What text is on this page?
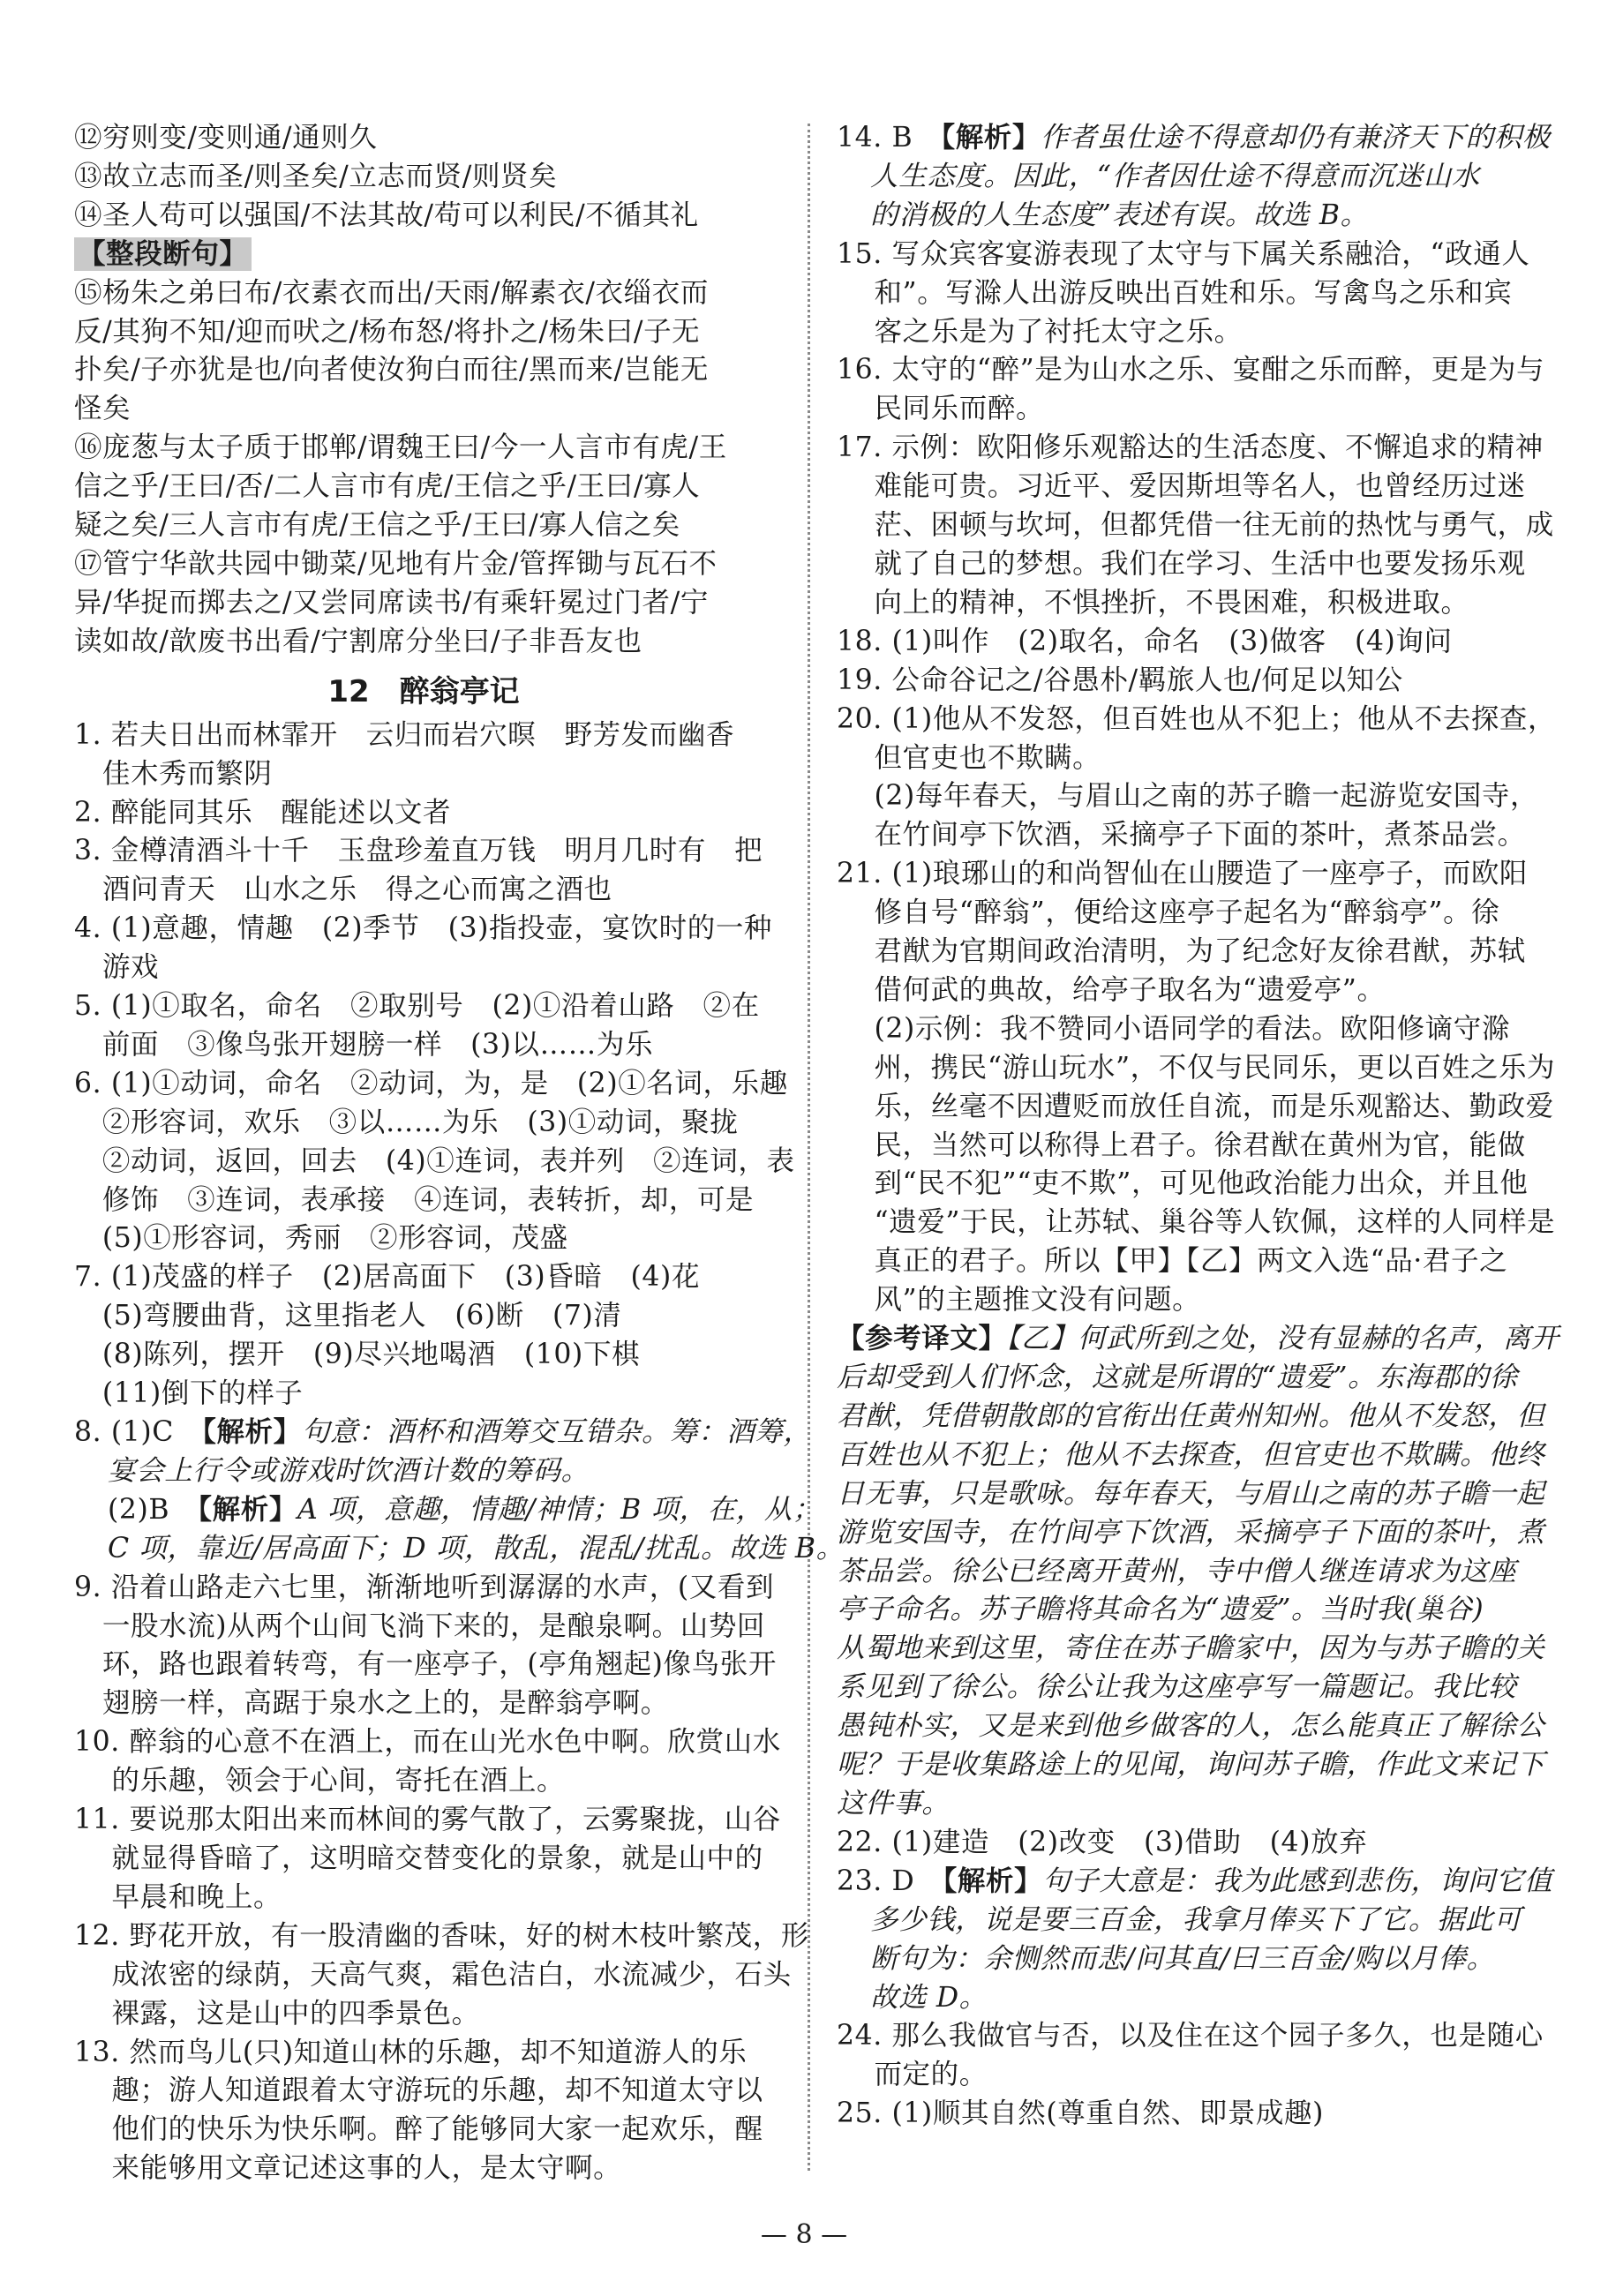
⑫穷则变/变则通/通则久
⑬故立志而圣/则圣矣/立志而贤/则贤矣
⑭圣人苟可以强国/不法其故/苟可以利民/不循其礼
【整段断句】
⑮杨朱之弟曰布/衣素衣而出/天雨/解素衣/衣缁衣而
反/其狗不知/迎而吠之/杨布怒/将扑之/杨朱曰/子无
扑矣/子亦犹是也/向者使汝狗白而往/黑而来/岂能无
怪矣
⑯庞葱与太子质于邯郸/谓魏王曰/今一人言市有虎/王
信之乎/王曰/否/二人言市有虎/王信之乎/王曰/寡人
疑之矣/三人言市有虎/王信之乎/王曰/寡人信之矣
⑰管宁华歆共园中锄菜/见地有片金/管挥锄与瓦石不
异/华捉而掷去之/又尝同席读书/有乘轩冕过门者/宁
读如故/歆废书出看/宁割席分坐曰/子非吾友也
12　醉翁亭记
1. 若夫日出而林霏开　云归而岩穴暝　野芳发而幽香
佳木秀而繁阴
2. 醉能同其乐　醒能述以文者
3. 金樽清酒斗十千　玉盘珍羞直万钱　明月几时有　把
酒问青天　山水之乐　得之心而寓之酒也
4. (1)意趣，情趣　(2)季节　(3)指投壶，宴饮时的一种
游戏
5. (1)①取名，命名　②取别号　(2)①沿着山路　②在
前面　③像鸟张开翅膀一样　(3)以……为乐
6. (1)①动词，命名　②动词，为，是　(2)①名词，乐趣
②形容词，欢乐　③以……为乐　(3)①动词，聚拢
②动词，返回，回去　(4)①连词，表并列　②连词，表
修饰　③连词，表承接　④连词，表转折，却，可是
(5)①形容词，秀丽　②形容词，茂盛
7. (1)茂盛的样子　(2)居高面下　(3)昏暗　(4)花
(5)弯腰曲背，这里指老人　(6)断　(7)清
(8)陈列，摆开　(9)尽兴地喝酒　(10)下棋
(11)倒下的样子
8. (1)C　【解析】句意：酒杯和酒筹交互错杂。筹：酒筹，
宴会上行令或游戏时饮酒计数的筹码。
(2)B　【解析】A 项，意趣，情趣/神情；B 项，在，从；
C 项，靠近/居高面下；D 项，散乱，混乱/扰乱。故选 B。
9. 沿着山路走六七里，渐渐地听到潺潺的水声，(又看到
一股水流)从两个山间飞淌下来的，是酿泉啊。山势回
环，路也跟着转弯，有一座亭子，(亭角翘起)像鸟张开
翅膀一样，高踞于泉水之上的，是醉翁亭啊。
10. 醉翁的心意不在酒上，而在山光水色中啊。欣赏山水
的乐趣，领会于心间，寄托在酒上。
11. 要说那太阳出来而林间的雾气散了，云雾聚拢，山谷
就显得昏暗了，这明暗交替变化的景象，就是山中的
早晨和晚上。
12. 野花开放，有一股清幽的香味，好的树木枝叶繁茂，形
成浓密的绿荫，天高气爽，霜色洁白，水流减少，石头
裸露，这是山中的四季景色。
13. 然而鸟儿(只)知道山林的乐趣，却不知道游人的乐
趣；游人知道跟着太守游玩的乐趣，却不知道太守以
他们的快乐为快乐啊。醉了能够同大家一起欢乐，醒
来能够用文章记述这事的人，是太守啊。
14. B　【解析】作者虽仕途不得意却仍有兼济天下的积极
人生态度。因此，“作者因仕途不得意而沉迷山水
的消极的人生态度”表述有误。故选 B。
15. 写众宾客宴游表现了太守与下属关系融洽，“政通人
和”。写滁人出游反映出百姓和乐。写禽鸟之乐和宾
客之乐是为了衬托太守之乐。
16. 太守的“醉”是为山水之乐、宴酣之乐而醉，更是为与
民同乐而醉。
17. 示例：欧阳修乐观豁达的生活态度、不懈追求的精神
难能可贵。习近平、爱因斯坦等名人，也曾经历过迷
茫、困顿与坎坷，但都凭借一往无前的热忱与勇气，成
就了自己的梦想。我们在学习、生活中也要发扬乐观
向上的精神，不惧挫折，不畏困难，积极进取。
18. (1)叫作　(2)取名，命名　(3)做客　(4)询问
19. 公命谷记之/谷愚朴/羁旅人也/何足以知公
20. (1)他从不发怒，但百姓也从不犯上；他从不去探查，
但官吏也不欺瞒。
(2)每年春天，与眉山之南的苏子瞻一起游览安国寺，
在竹间亭下饮酒，采摘亭子下面的茶叶，煮茶品尝。
21. (1)琅琊山的和尚智仙在山腰造了一座亭子，而欧阳
修自号“醉翁”，便给这座亭子起名为“醉翁亭”。徐
君猷为官期间政治清明，为了纪念好友徐君猷，苏轼
借何武的典故，给亭子取名为“遗爱亭”。
(2)示例：我不赞同小语同学的看法。欧阳修谪守滁
州，携民“游山玩水”，不仅与民同乐，更以百姓之乐为
乐，丝毫不因遭贬而放任自流，而是乐观豁达、勤政爱
民，当然可以称得上君子。徐君猷在黄州为官，能做
到“民不犯”“吏不欺”，可见他政治能力出众，并且他
“遗爱”于民，让苏轼、巢谷等人钦佩，这样的人同样是
真正的君子。所以【甲】【乙】两文入选“品·君子之
风”的主题推文没有问题。
【参考译文】【乙】何武所到之处，没有显赫的名声，离开
后却受到人们怀念，这就是所谓的“遗爱”。东海郡的徐
君猷，凭借朝散郎的官衔出任黄州知州。他从不发怒，但
百姓也从不犯上；他从不去探查，但官吏也不欺瞒。他终
日无事，只是歌咏。每年春天，与眉山之南的苏子瞻一起
游览安国寺，在竹间亭下饮酒，采摘亭子下面的茶叶，煮
茶品尝。徐公已经离开黄州，寺中僧人继连请求为这座
亭子命名。苏子瞻将其命名为“遗爱”。当时我(巢谷)
从蜀地来到这里，寄住在苏子瞻家中，因为与苏子瞻的关
系见到了徐公。徐公让我为这座亭写一篇题记。我比较
愚钝朴实，又是来到他乡做客的人，怎么能真正了解徐公
呢？于是收集路途上的见闻，询问苏子瞻，作此文来记下
这件事。
22. (1)建造　(2)改变　(3)借助　(4)放弃
23. D　【解析】句子大意是：我为此感到悲伤，询问它值
多少钱，说是要三百金，我拿月俸买下了它。据此可
断句为：余恻然而悲/问其直/曰三百金/购以月俸。
故选 D。
24. 那么我做官与否，以及住在这个园子多久，也是随心
而定的。
25. (1)顺其自然(尊重自然、即景成趣)
— 8 —
